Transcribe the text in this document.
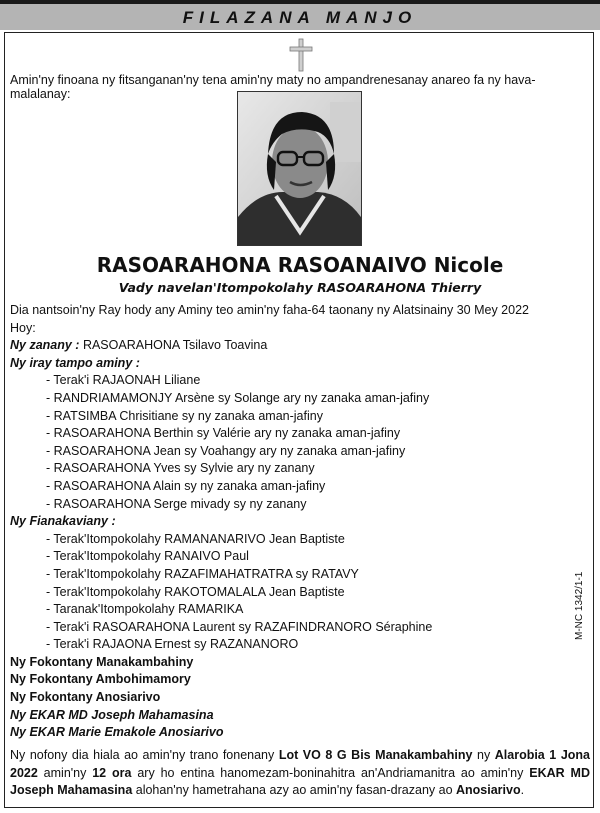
FILAZANA MANJO
Amin'ny finoana ny fitsanganan'ny tena amin'ny maty no ampandrenesanay anareo fa ny hava-malalanay:
RASOARAHONA RASOANAIVO Nicole
Vady navelan'Itompokolahy RASOARAHONA Thierry
Dia nantsoin'ny Ray hody any Aminy teo amin'ny faha-64 taonany ny Alatsinainy 30 Mey 2022
Hoy:
Ny zanany : RASOARAHONA Tsilavo Toavina
Ny iray tampo aminy :
- Terak'i RAJAONAH Liliane
- RANDRIAMAMONJY Arsène sy Solange ary ny zanaka aman-jafiny
- RATSIMBA Chrisitiane sy ny zanaka aman-jafiny
- RASOARAHONA Berthin sy Valérie ary ny zanaka aman-jafiny
- RASOARAHONA Jean sy Voahangy ary ny zanaka aman-jafiny
- RASOARAHONA Yves sy Sylvie ary ny zanany
- RASOARAHONA Alain sy ny zanaka aman-jafiny
- RASOARAHONA Serge mivady sy ny zanany
Ny Fianakaviany :
- Terak'Itompokolahy RAMANANARIVO Jean Baptiste
- Terak'Itompokolahy RANAIVO Paul
- Terak'Itompokolahy RAZAFIMAHATRATRA sy RATAVY
- Terak'Itompokolahy RAKOTOMALALA Jean Baptiste
- Taranak'Itompokolahy RAMARIKA
- Terak'i RASOARAHONA Laurent sy RAZAFINDRANORO Séraphine
- Terak'i RAJAONA Ernest sy RAZANANORO
Ny Fokontany Manakambahiny
Ny Fokontany Ambohimamory
Ny Fokontany Anosiarivo
Ny EKAR MD Joseph Mahamasina
Ny EKAR Marie Emakole Anosiarivo
M-NC 1342/1-1
Ny nofony dia hiala ao amin'ny trano fonenany Lot VO 8 G Bis Manakambahiny ny Alarobia 1 Jona 2022 amin'ny 12 ora ary ho entina hanomezam-boninahitra an'Andriamanitra ao amin'ny EKAR MD Joseph Mahamasina alohan'ny hametrahana azy ao amin'ny fasan-drazany ao Anosiarivo.
